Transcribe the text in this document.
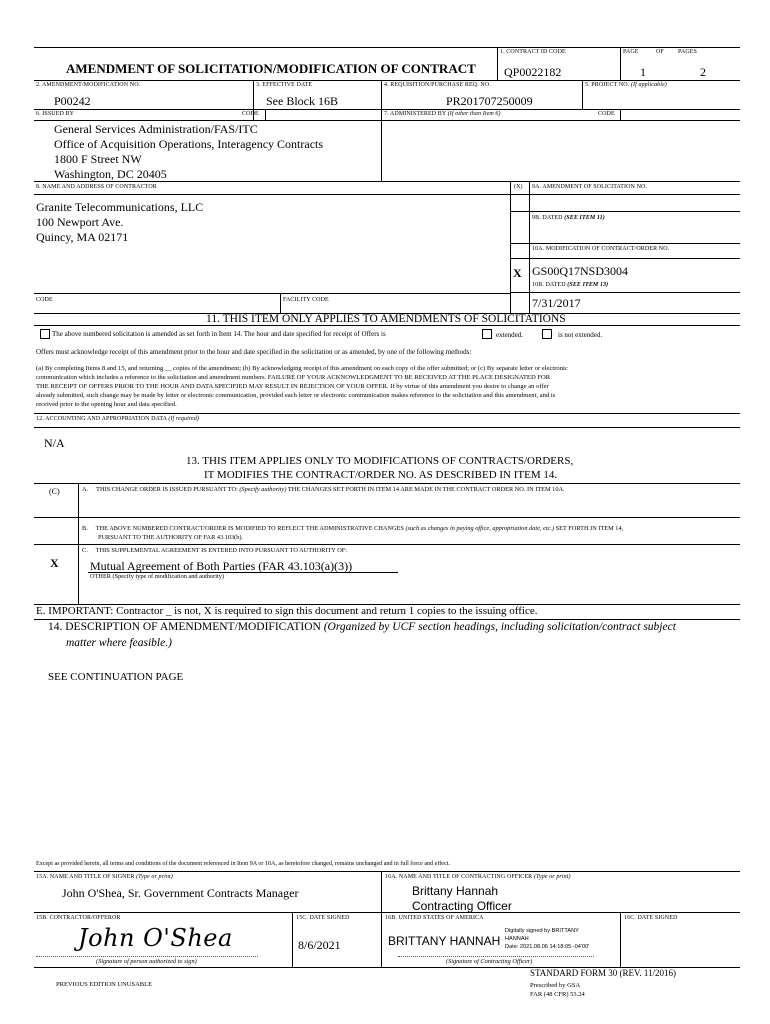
AMENDMENT OF SOLICITATION/MODIFICATION OF CONTRACT
1. CONTRACT ID CODE
QP0022182
PAGE	OF PAGES
1	2
2. AMENDMENT/MODIFICATION NO.
P00242
3. EFFECTIVE DATE
See Block 16B
4. REQUISITION/PURCHASE REQ. NO.
PR201707250009
5. PROJECT NO. (If applicable)
6. ISSUED BY	CODE	7. ADMINISTERED BY (If other than Item 6)	CODE
General Services Administration/FAS/ITC
Office of Acquisition Operations, Interagency Contracts
1800 F Street NW
Washington, DC 20405
8. NAME AND ADDRESS OF CONTRACTOR
Granite Telecommunications, LLC
100 Newport Ave.
Quincy, MA 02171
(X)
CODE	FACILITY CODE
9A. AMENDMENT OF SOLICITATION NO.
9B. DATED (SEE ITEM 11)
10A. MODIFICATION OF CONTRACT/ORDER NO.
X GS00Q17NSD3004
10B. DATED (SEE ITEM 13)
7/31/2017
11. THIS ITEM ONLY APPLIES TO AMENDMENTS OF SOLICITATIONS
The above numbered solicitation is amended as set forth in Item 14. The hour and date specified for receipt of Offers is	extended.	is not extended.
Offers must acknowledge receipt of this amendment prior to the hour and date specified in the solicitation or as amended, by one of the following methods:
(a) By completing Items 8 and 15, and returning __ copies of the amendment; (b) By acknowledging receipt of this amendment on each copy of the offer submitted; or (c) By separate letter or electronic
communication which includes a reference to the solicitation and amendment numbers. FAILURE OF YOUR ACKNOWLEDGMENT TO BE RECEIVED AT THE PLACE DESIGNATED FOR
THE RECEIPT OF OFFERS PRIOR TO THE HOUR AND DATA SPECIFIED MAY RESULT IN REJECTION OF YOUR OFFER. If by virtue of this amendment you desire to change an offer
already submitted, such change may be made by letter or electronic communication, provided each letter or electronic communication makes reference to the solicitation and this amendment, and is
received prior to the opening hour and data specified.
12. ACCOUNTING AND APPROPRIATION DATA (If required)
N/A
13. THIS ITEM APPLIES ONLY TO MODIFICATIONS OF CONTRACTS/ORDERS,
IT MODIFIES THE CONTRACT/ORDER NO. AS DESCRIBED IN ITEM 14.
(C)	A. THIS CHANGE ORDER IS ISSUED PURSUANT TO: (Specify authority) THE CHANGES SET FORTH IN ITEM 14 ARE MADE IN THE CONTRACT ORDER NO. IN ITEM 10A.
B. THE ABOVE NUMBERED CONTRACT/ORDER IS MODIFIED TO REFLECT THE ADMINISTRATIVE CHANGES (such as changes in paying office, appropriation date, etc.) SET FORTH IN ITEM 14,
PURSUANT TO THE AUTHORITY OF FAR 43.103(b).
X
C. THIS SUPPLEMENTAL AGREEMENT IS ENTERED INTO PURSUANT TO AUTHORITY OF:
Mutual Agreement of Both Parties (FAR 43.103(a)(3))
OTHER (Specify type of modification and authority)
E. IMPORTANT: Contractor _ is not, X is required to sign this document and return 1 copies to the issuing office.
14. DESCRIPTION OF AMENDMENT/MODIFICATION (Organized by UCF section headings, including solicitation/contract subject
matter where feasible.)
SEE CONTINUATION PAGE
Except as provided herein, all terms and conditions of the document referenced in Item 9A or 10A, as heretofore changed, remains unchanged and in full force and effect.
15A. NAME AND TITLE OF SIGNER (Type or print)
John O'Shea, Sr. Government Contracts Manager
15B. CONTRACTOR/OFFEROR
John O'Shea
(Signature of person authorized to sign)
15C. DATE SIGNED
8/6/2021
16A. NAME AND TITLE OF CONTRACTING OFFICER (Type or print)
Brittany Hannah
Contracting Officer
16B. UNITED STATES OF AMERICA
BRITTANY HANNAH
Digitally signed by BRITTANY
HANNAH
Date: 2021.08.06 14:18:05 -04'00'
(Signature of Contracting Officer)
16C. DATE SIGNED
PREVIOUS EDITION UNUSABLE
STANDARD FORM 30 (REV. 11/2016)
Prescribed by GSA
FAR (48 CFR) 53.24
